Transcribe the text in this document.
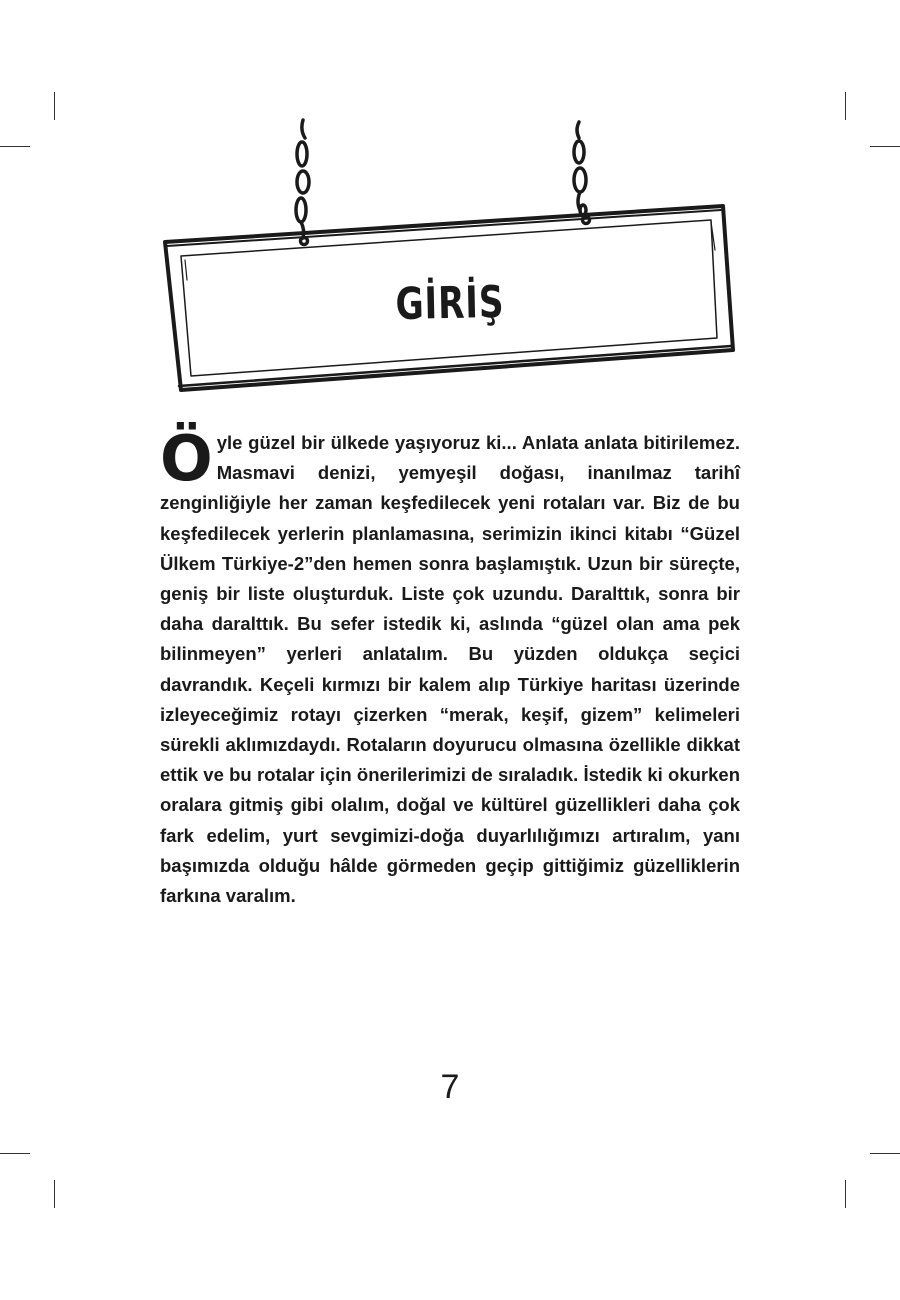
GİRİŞ
Öyle güzel bir ülkede yaşıyoruz ki... Anlata anlata bitirilemez. Masmavi denizi, yemyeşil doğası, inanılmaz tarihî zenginliğiyle her zaman keşfedilecek yeni rotaları var. Biz de bu keşfedilecek yerlerin planlamasına, serimizin ikinci kitabı “Güzel Ülkem Türkiye-2”den hemen sonra başlamıştık. Uzun bir süreçte, geniş bir liste oluşturduk. Liste çok uzundu. Daralttık, sonra bir daha daralttık. Bu sefer istedik ki, aslında “güzel olan ama pek bilinmeyen” yerleri anlatalım. Bu yüzden oldukça seçici davrandık. Keçeli kırmızı bir kalem alıp Türkiye haritası üzerinde izleyeceğimiz rotayı çizerken “merak, keşif, gizem” kelimeleri sürekli aklımızdaydı. Rotaların doyurucu olmasına özellikle dikkat ettik ve bu rotalar için önerilerimizi de sıraladık. İstedik ki okurken oralara gitmiş gibi olalım, doğal ve kültürel güzellikleri daha çok fark edelim, yurt sevgimizi-doğa duyarlılığımızı artıralım, yanı başımızda olduğu hâlde görmeden geçip gittiğimiz güzelliklerin farkına varalım.
7
